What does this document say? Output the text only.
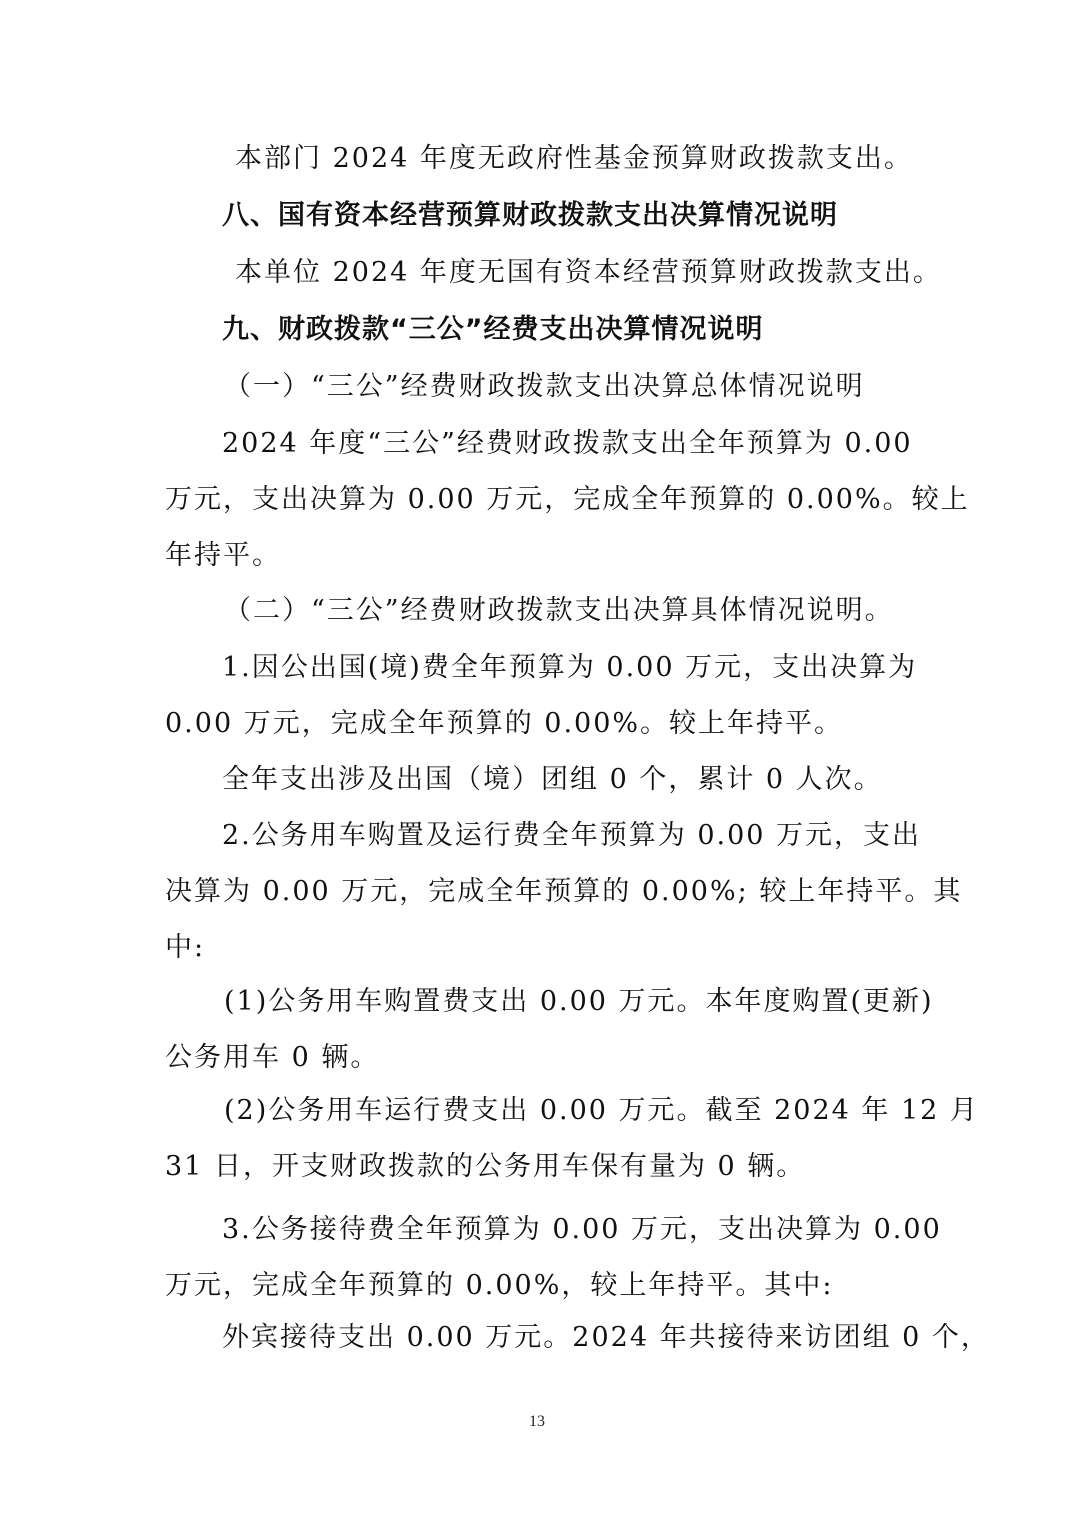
本部门 2024 年度无政府性基金预算财政拨款支出。
八、国有资本经营预算财政拨款支出决算情况说明
本单位 2024 年度无国有资本经营预算财政拨款支出。
九、财政拨款“三公”经费支出决算情况说明
（一）“三公”经费财政拨款支出决算总体情况说明
2024 年度“三公”经费财政拨款支出全年预算为 0.00
万元，支出决算为 0.00 万元，完成全年预算的 0.00%。较上
年持平。
（二）“三公”经费财政拨款支出决算具体情况说明。
1.因公出国(境)费全年预算为 0.00 万元，支出决算为
0.00 万元，完成全年预算的 0.00%。较上年持平。
全年支出涉及出国（境）团组 0 个，累计 0 人次。
2.公务用车购置及运行费全年预算为 0.00 万元，支出
决算为 0.00 万元，完成全年预算的 0.00%; 较上年持平。其
中:
(1)公务用车购置费支出 0.00 万元。本年度购置(更新)
公务用车 0 辆。
(2)公务用车运行费支出 0.00 万元。截至 2024 年 12 月
31 日，开支财政拨款的公务用车保有量为 0 辆。
3.公务接待费全年预算为 0.00 万元，支出决算为 0.00
万元，完成全年预算的 0.00%，较上年持平。其中:
外宾接待支出 0.00 万元。2024 年共接待来访团组 0 个，
13
